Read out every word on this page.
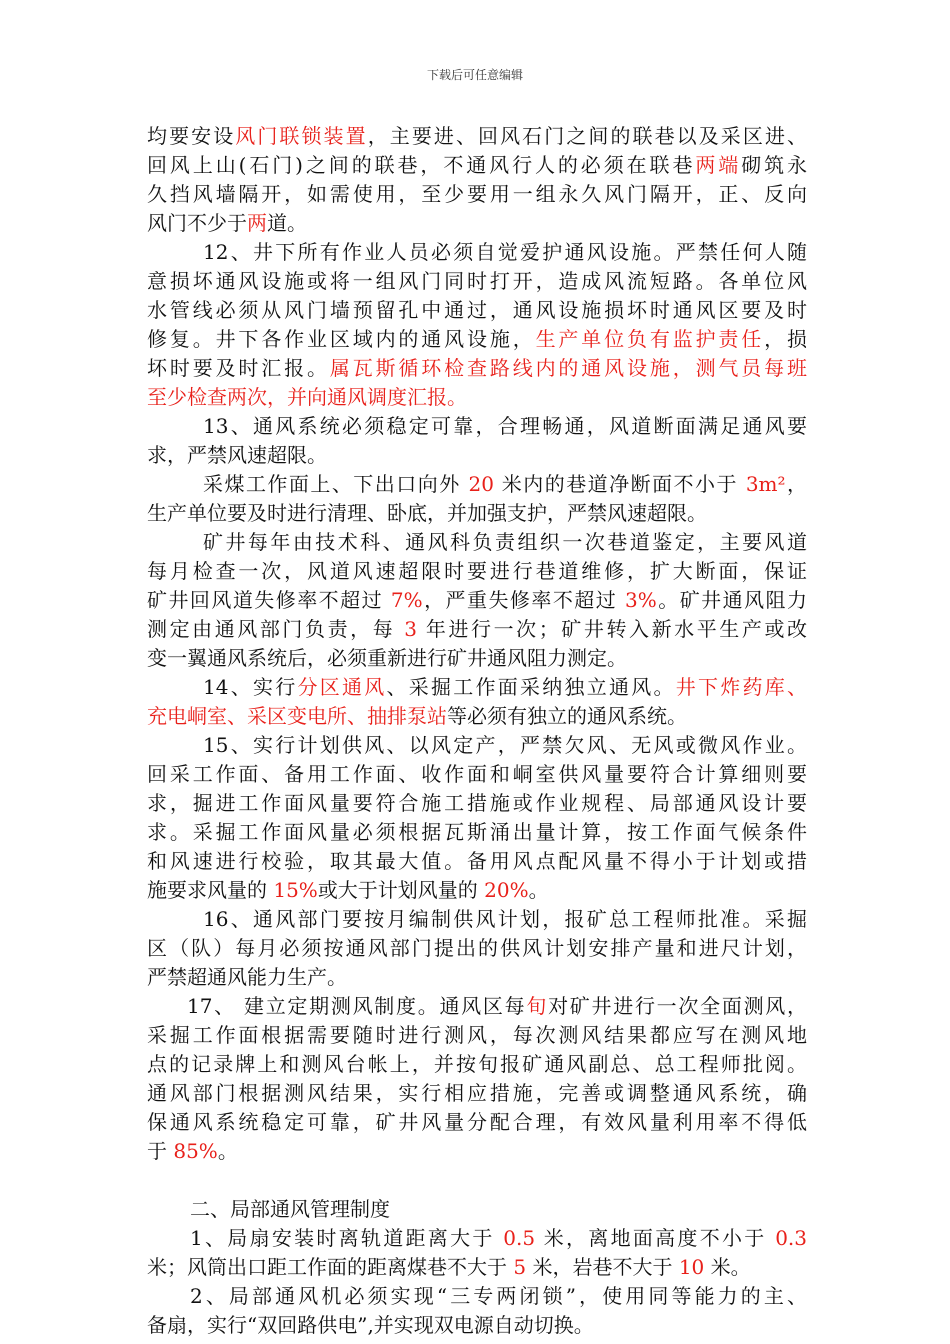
下载后可任意编辑
均要安设风门联锁装置，主要进、回风石门之间的联巷以及采区进、
回风上山(石门)之间的联巷，不通风行人的必须在联巷两端砌筑永
久挡风墙隔开，如需使用，至少要用一组永久风门隔开，正、反向
风门不少于两道。
12、井下所有作业人员必须自觉爱护通风设施。严禁任何人随
意损坏通风设施或将一组风门同时打开，造成风流短路。各单位风
水管线必须从风门墙预留孔中通过，通风设施损坏时通风区要及时
修复。井下各作业区域内的通风设施，生产单位负有监护责任，损
坏时要及时汇报。属瓦斯循环检查路线内的通风设施，测气员每班
至少检查两次，并向通风调度汇报。
13、通风系统必须稳定可靠，合理畅通，风道断面满足通风要
求，严禁风速超限。
采煤工作面上、下出口向外 20 米内的巷道净断面不小于 3m²，
生产单位要及时进行清理、卧底，并加强支护，严禁风速超限。
矿井每年由技术科、通风科负责组织一次巷道鉴定，主要风道
每月检查一次，风道风速超限时要进行巷道维修，扩大断面，保证
矿井回风道失修率不超过 7%，严重失修率不超过 3%。矿井通风阻力
测定由通风部门负责，每 3 年进行一次；矿井转入新水平生产或改
变一翼通风系统后，必须重新进行矿井通风阻力测定。
14、实行分区通风、采掘工作面采纳独立通风。井下炸药库、
充电峒室、采区变电所、抽排泵站等必须有独立的通风系统。
15、实行计划供风、以风定产，严禁欠风、无风或微风作业。
回采工作面、备用工作面、收作面和峒室供风量要符合计算细则要
求，掘进工作面风量要符合施工措施或作业规程、局部通风设计要
求。采掘工作面风量必须根据瓦斯涌出量计算，按工作面气候条件
和风速进行校验，取其最大值。备用风点配风量不得小于计划或措
施要求风量的 15%或大于计划风量的 20%。
16、通风部门要按月编制供风计划，报矿总工程师批准。采掘
区（队）每月必须按通风部门提出的供风计划安排产量和进尺计划，
严禁超通风能力生产。
17、 建立定期测风制度。通风区每旬对矿井进行一次全面测风，
采掘工作面根据需要随时进行测风，每次测风结果都应写在测风地
点的记录牌上和测风台帐上，并按旬报矿通风副总、总工程师批阅。
通风部门根据测风结果，实行相应措施，完善或调整通风系统，确
保通风系统稳定可靠，矿井风量分配合理，有效风量利用率不得低
于 85%。
二、局部通风管理制度
1、局扇安装时离轨道距离大于 0.5 米，离地面高度不小于 0.3
米；风筒出口距工作面的距离煤巷不大于 5 米，岩巷不大于 10 米。
2、局部通风机必须实现“三专两闭锁”，使用同等能力的主、
备扇，实行“双回路供电”,并实现双电源自动切换。
